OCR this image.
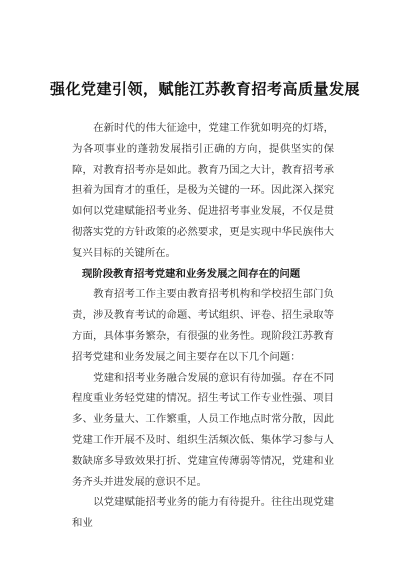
强化党建引领，赋能江苏教育招考高质量发展

在新时代的伟大征途中，党建工作犹如明亮的灯塔，为各项事业的蓬勃发展指引正确的方向，提供坚实的保障，对教育招考亦是如此。教育乃国之大计，教育招考承担着为国育才的重任，是极为关键的一环。因此深入探究如何以党建赋能招考业务、促进招考事业发展，不仅是贯彻落实党的方针政策的必然要求，更是实现中华民族伟大复兴目标的关键所在。

现阶段教育招考党建和业务发展之间存在的问题

教育招考工作主要由教育招考机构和学校招生部门负责，涉及教育考试的命题、考试组织、评卷、招生录取等方面，具体事务繁杂，有很强的业务性。现阶段江苏教育招考党建和业务发展之间主要存在以下几个问题：

党建和招考业务融合发展的意识有待加强。存在不同程度重业务轻党建的情况。招生考试工作专业性强、项目多、业务量大、工作繁重，人员工作地点时常分散，因此党建工作开展不及时、组织生活频次低、集体学习参与人数缺席多导致效果打折、党建宣传薄弱等情况，党建和业务齐头并进发展的意识不足。

以党建赋能招考业务的能力有待提升。往往出现党建和业
